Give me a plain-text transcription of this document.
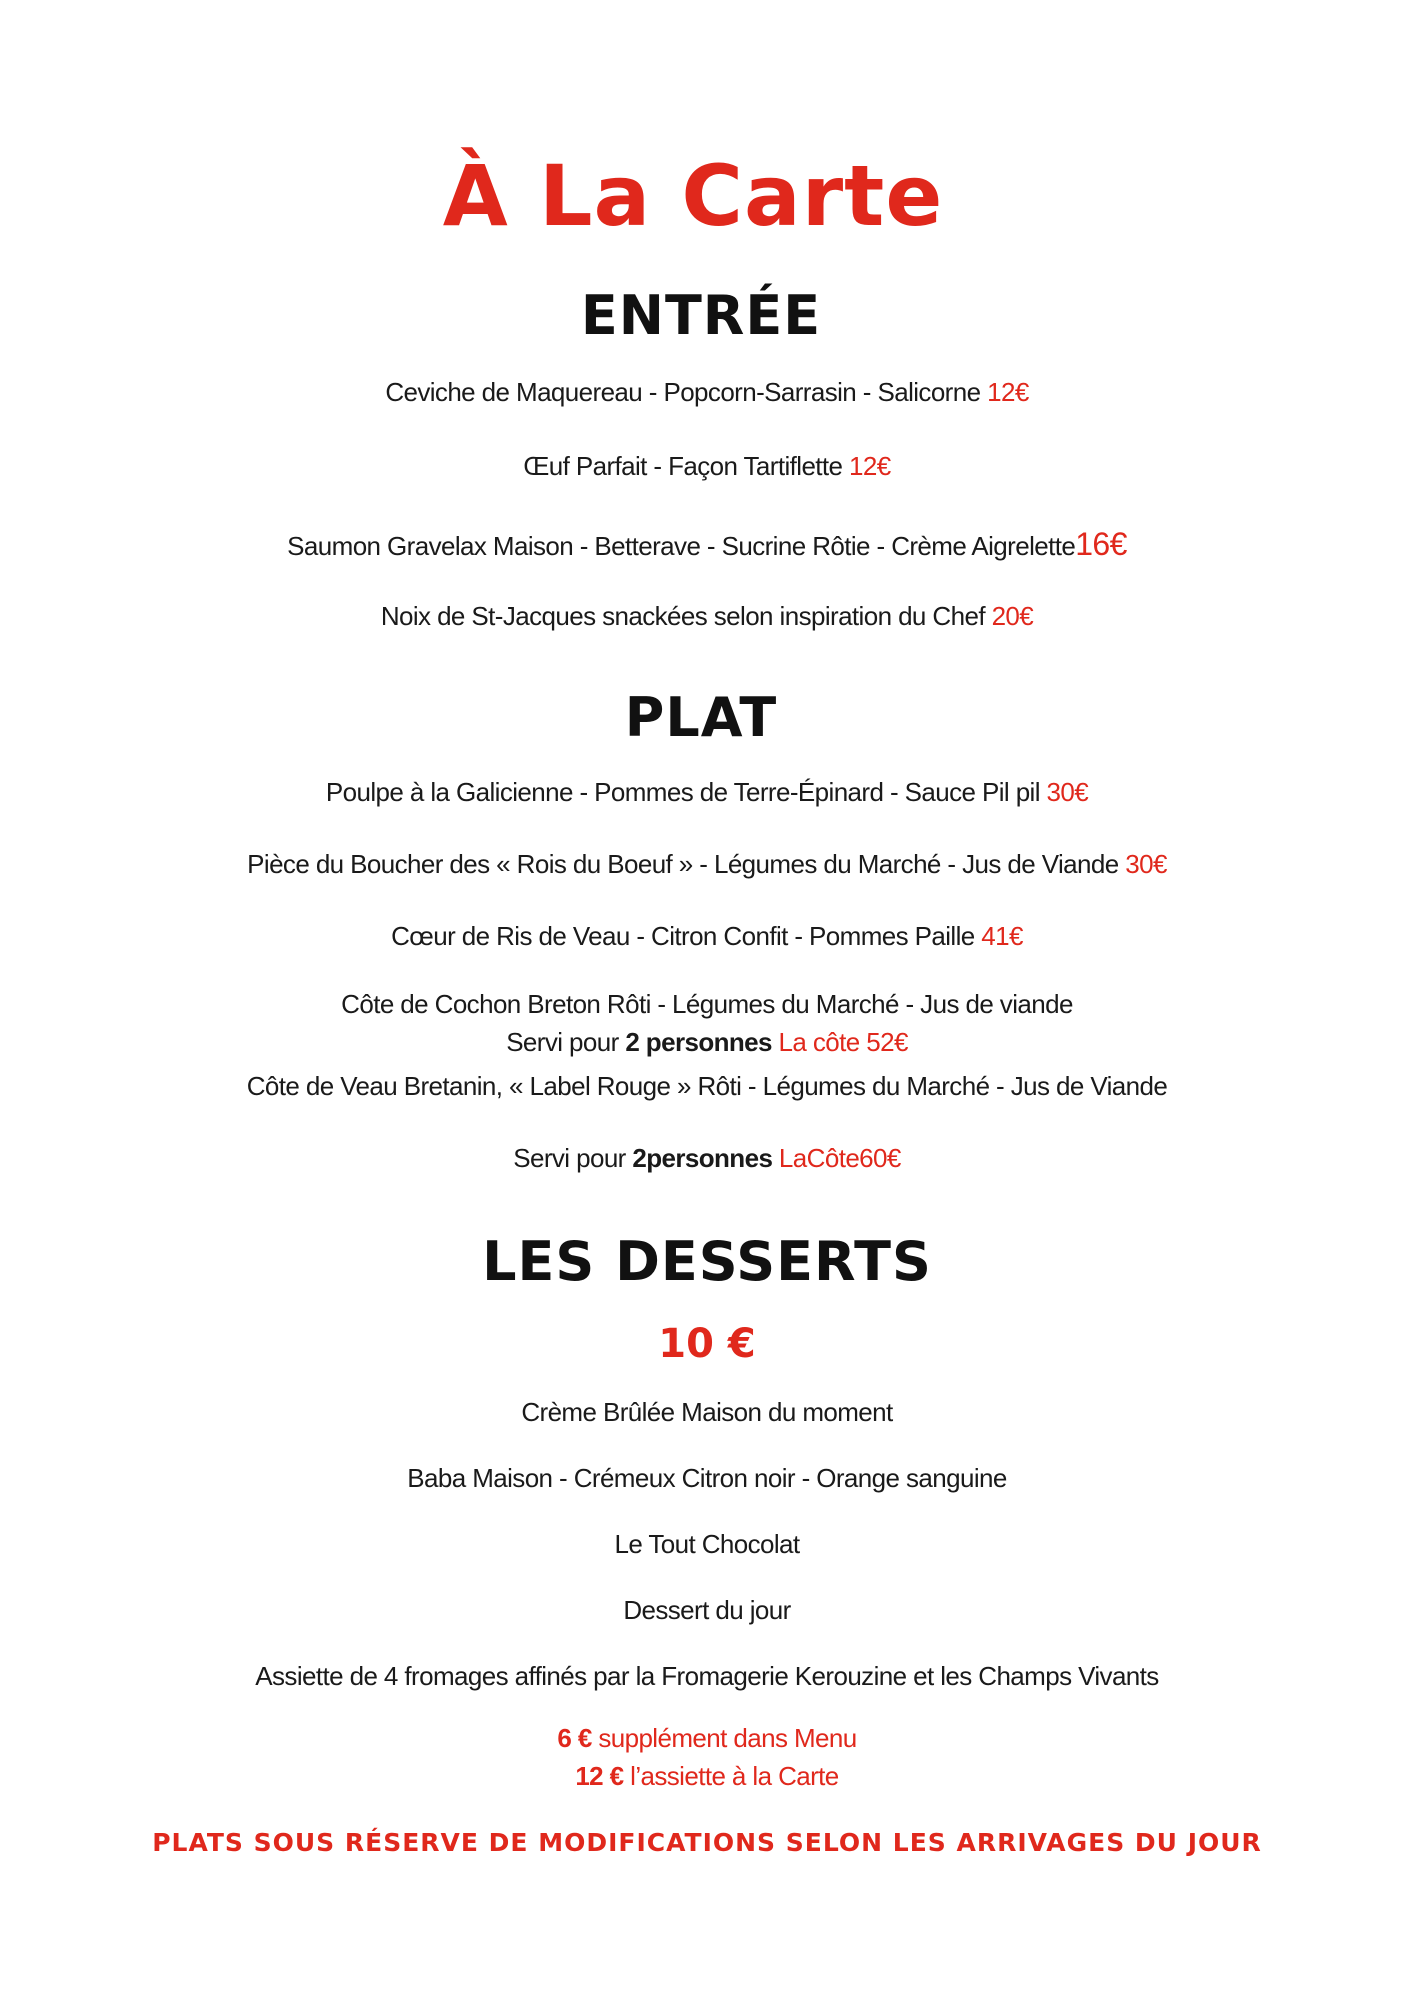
À La Carte
ENTRÉE
Ceviche de Maquereau - Popcorn-Sarrasin - Salicorne 12€
Œuf Parfait - Façon Tartiflette 12€
Saumon Gravelax Maison - Betterave - Sucrine Rôtie - Crème Aigrelette16€
Noix de St-Jacques snackées selon inspiration du Chef 20€
PLAT
Poulpe à la Galicienne - Pommes de Terre-Épinard - Sauce Pil pil 30€
Pièce du Boucher des « Rois du Boeuf » - Légumes du Marché - Jus de Viande 30€
Cœur de Ris de Veau - Citron Confit - Pommes Paille 41€
Côte de Cochon Breton Rôti - Légumes du Marché - Jus de viande
Servi pour 2 personnes La côte 52€
Côte de Veau Bretanin, « Label Rouge » Rôti - Légumes du Marché - Jus de Viande
Servi pour 2personnes LaCôte60€
LES DESSERTS
10 €
Crème Brûlée Maison du moment
Baba Maison - Crémeux Citron noir - Orange sanguine
Le Tout Chocolat
Dessert du jour
Assiette de 4 fromages affinés par la Fromagerie Kerouzine et les Champs Vivants
6 € supplément dans Menu
12 € l’assiette à la Carte
PLATS SOUS RÉSERVE DE MODIFICATIONS SELON LES ARRIVAGES DU JOUR
